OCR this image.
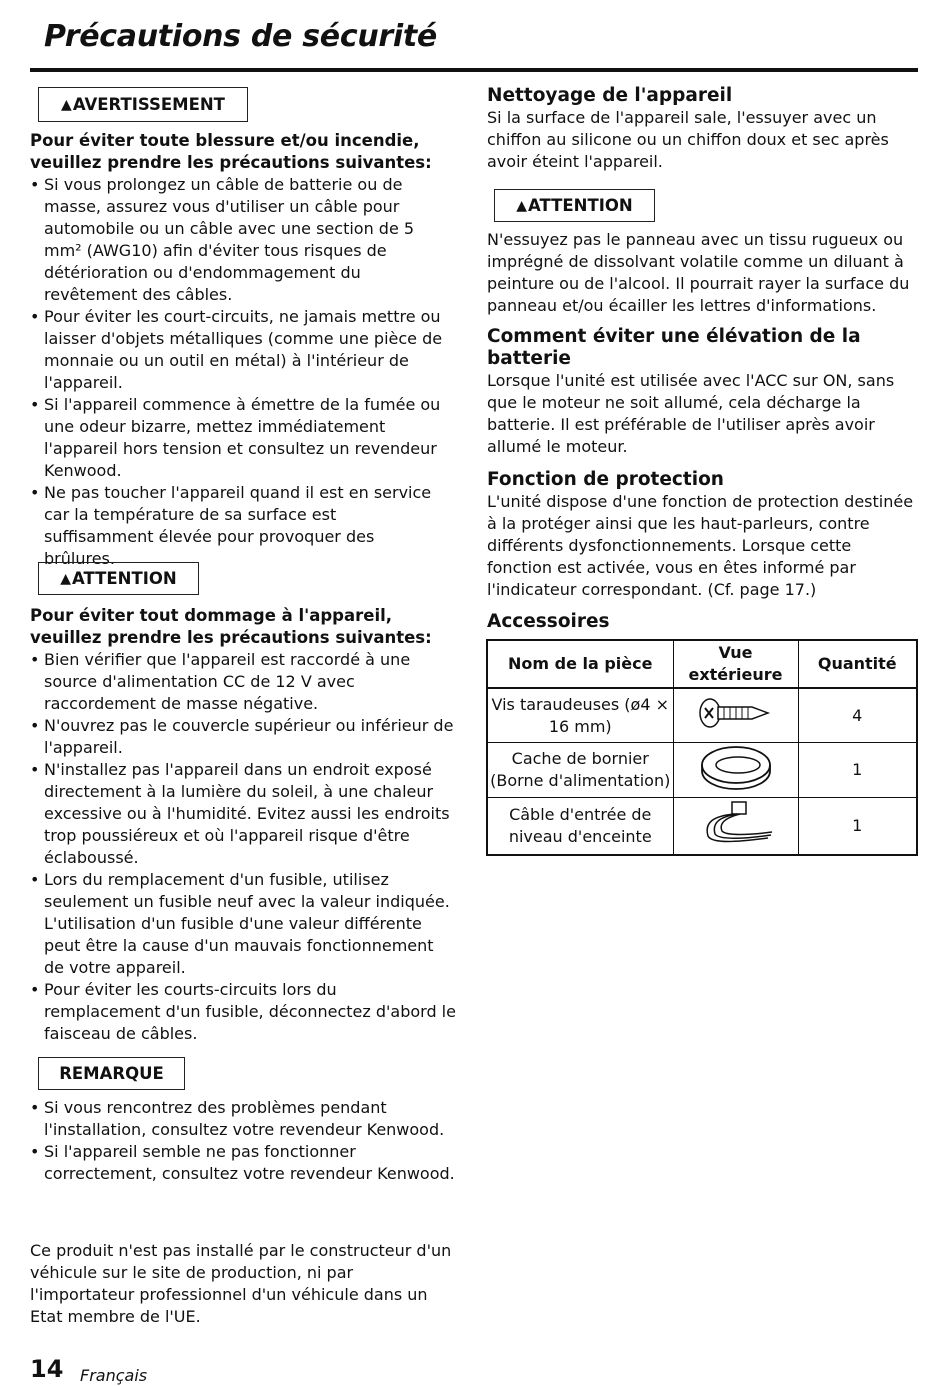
Précautions de sécurité
▲ AVERTISSEMENT

Pour éviter toute blessure et/ou incendie, veuillez prendre les précautions suivantes:

• Si vous prolongez un câble de batterie ou de masse, assurez vous d'utiliser un câble pour automobile ou un câble avec une section de 5 mm² (AWG10) afin d'éviter tous risques de détérioration ou d'endommagement du revêtement des câbles.
• Pour éviter les court-circuits, ne jamais mettre ou laisser d'objets métalliques (comme une pièce de monnaie ou un outil en métal) à l'intérieur de l'appareil.
• Si l'appareil commence à émettre de la fumée ou une odeur bizarre, mettez immédiatement l'appareil hors tension et consultez un revendeur Kenwood.
• Ne pas toucher l'appareil quand il est en service car la température de sa surface est suffisamment élevée pour provoquer des brûlures.
▲ ATTENTION

Pour éviter tout dommage à l'appareil, veuillez prendre les précautions suivantes:

• Bien vérifier que l'appareil est raccordé à une source d'alimentation CC de 12 V avec raccordement de masse négative.
• N'ouvrez pas le couvercle supérieur ou inférieur de l'appareil.
• N'installez pas l'appareil dans un endroit exposé directement à la lumière du soleil, à une chaleur excessive ou à l'humidité. Evitez aussi les endroits trop poussiéreux et où l'appareil risque d'être éclaboussé.
• Lors du remplacement d'un fusible, utilisez seulement un fusible neuf avec la valeur indiquée. L'utilisation d'un fusible d'une valeur différente peut être la cause d'un mauvais fonctionnement de votre appareil.
• Pour éviter les courts-circuits lors du remplacement d'un fusible, déconnectez d'abord le faisceau de câbles.
REMARQUE
• Si vous rencontrez des problèmes pendant l'installation, consultez votre revendeur Kenwood.
• Si l'appareil semble ne pas fonctionner correctement, consultez votre revendeur Kenwood.

Ce produit n'est pas installé par le constructeur d'un véhicule sur le site de production, ni par l'importateur professionnel d'un véhicule dans un Etat membre de l'UE.

Nettoyage de l'appareil

Si la surface de l'appareil sale, l'essuyer avec un chiffon au silicone ou un chiffon doux et sec après avoir éteint l'appareil.

▲ ATTENTION

N'essuyez pas le panneau avec un tissu rugueux ou imprégné de dissolvant volatile comme un diluant à peinture ou de l'alcool. Il pourrait rayer la surface du panneau et/ou écailler les lettres d'informations.

Comment éviter une élévation de la batterie

Lorsque l'unité est utilisée avec l'ACC sur ON, sans que le moteur ne soit allumé, cela décharge la batterie. Il est préférable de l'utiliser après avoir allumé le moteur.

Fonction de protection

L'unité dispose d'une fonction de protection destinée à la protéger ainsi que les haut-parleurs, contre différents dysfonctionnements. Lorsque cette fonction est activée, vous en êtes informé par l'indicateur correspondant. (Cf. page 17.)

Accessoires

Nom de la pièce	Vue extérieure	Quantité
Vis taraudeuses (ø4 × 16 mm)		4
Cache de bornier (Borne d'alimentation)		1
Câble d'entrée de niveau d'enceinte		1
14 Français
